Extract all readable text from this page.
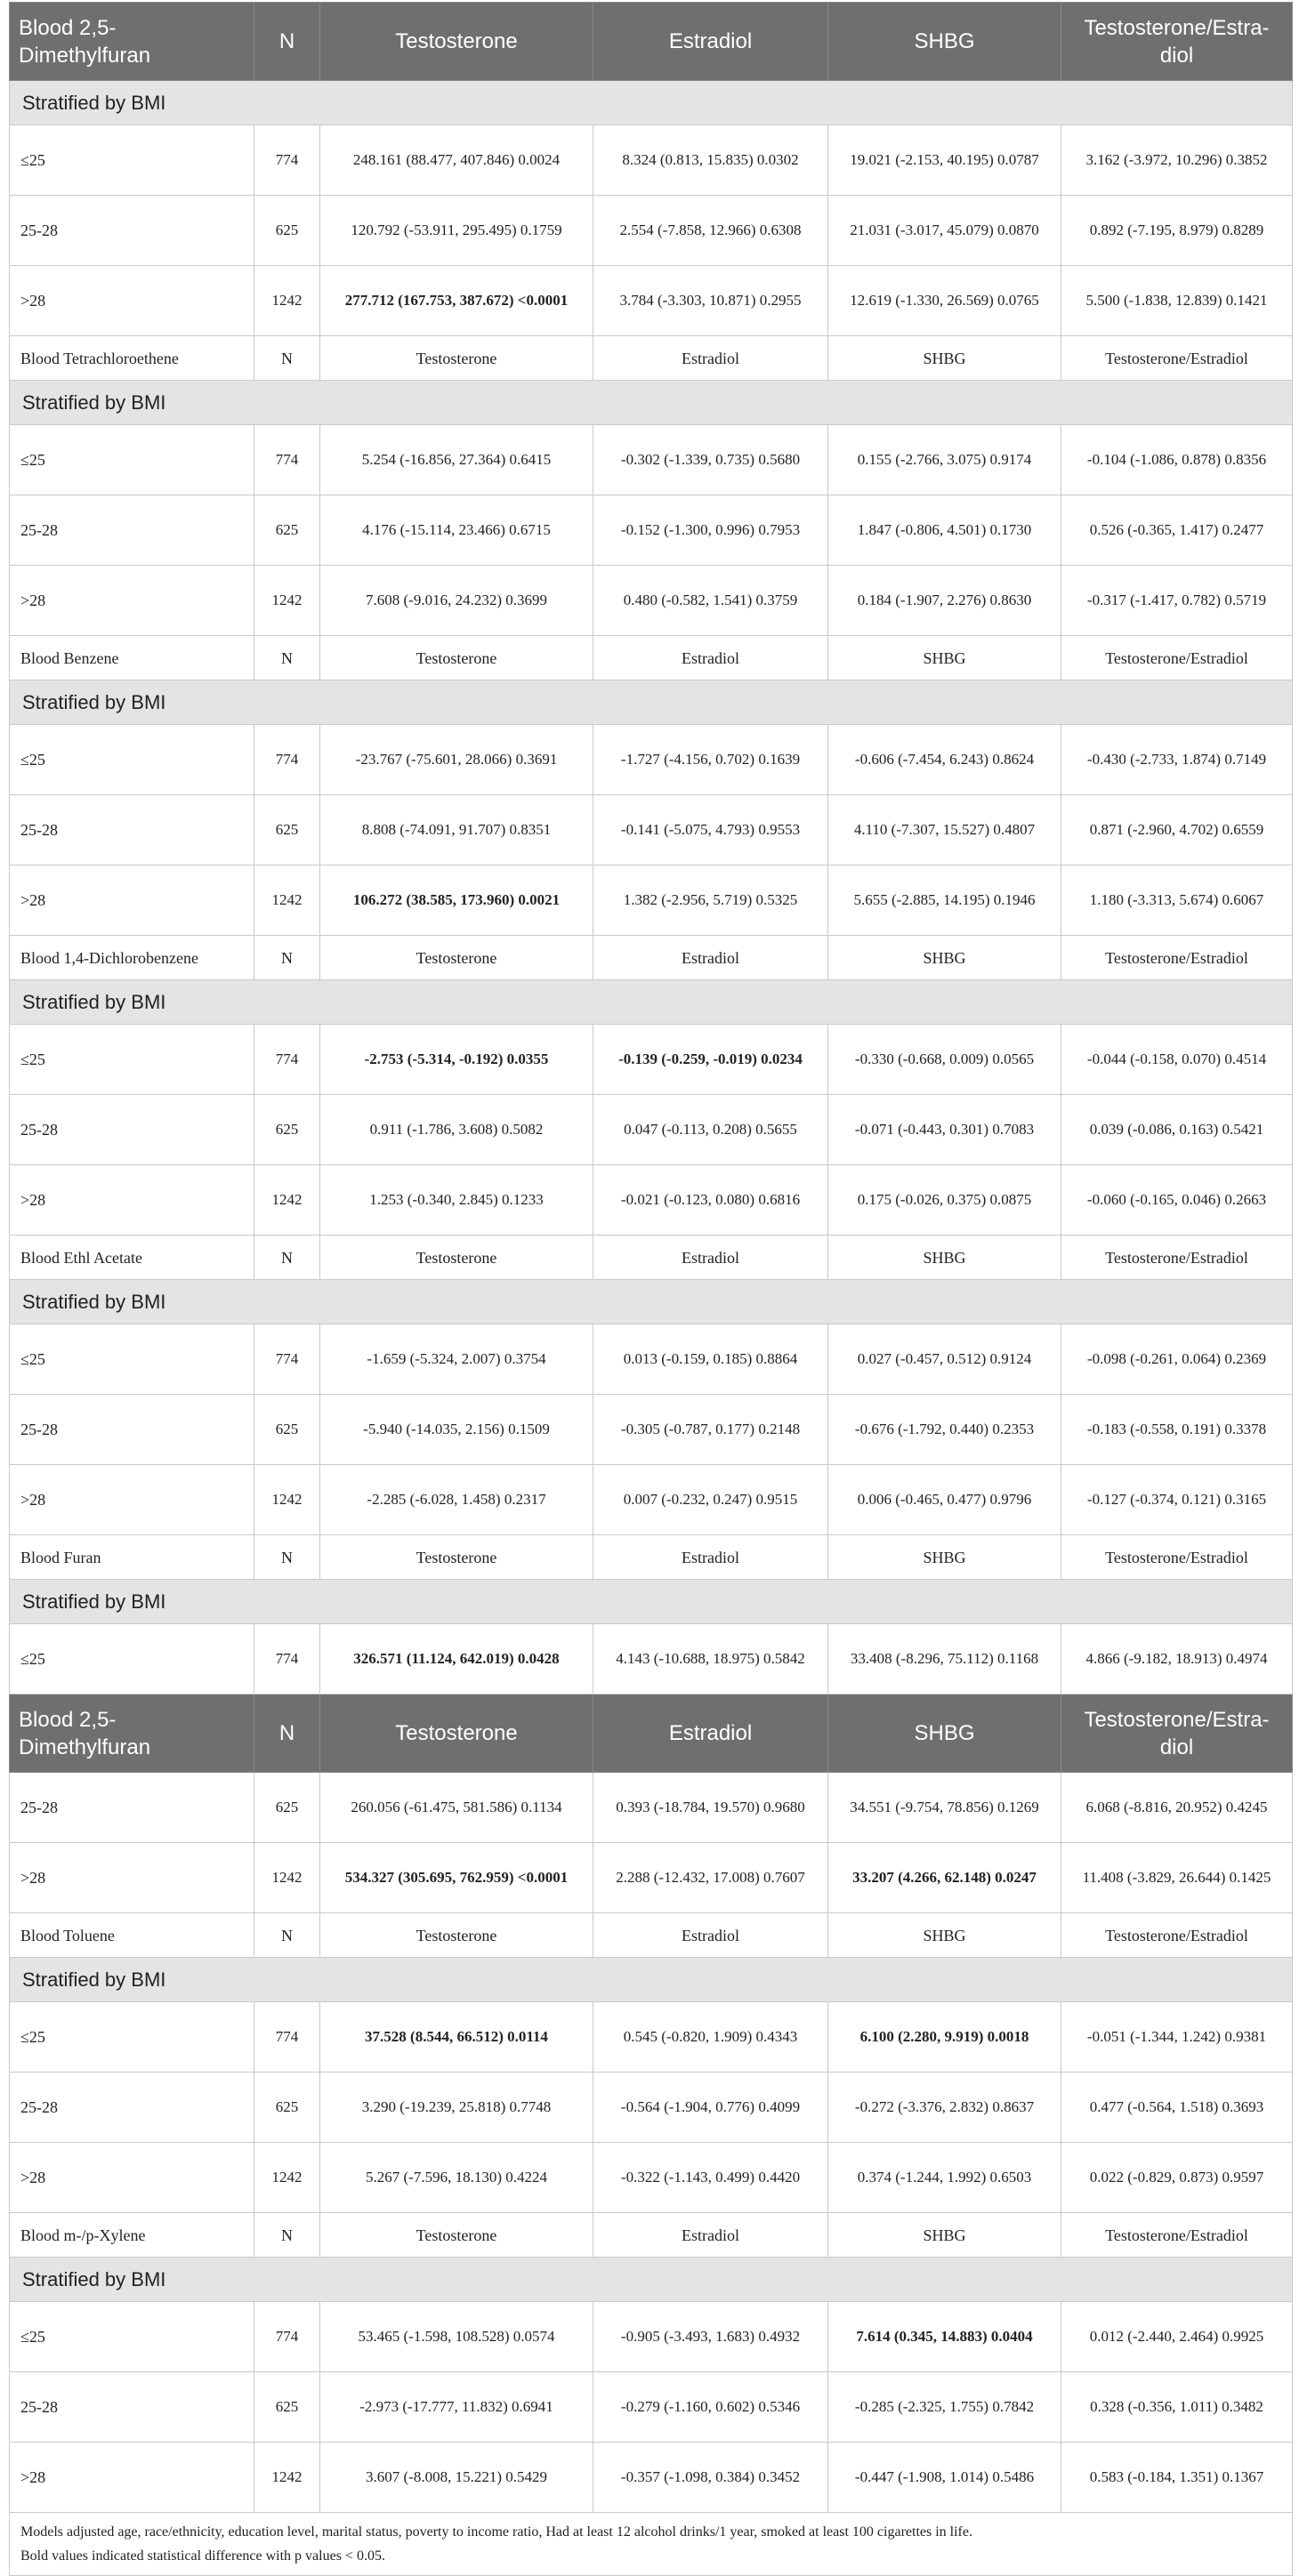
Blood 2,5-Dimethylfuran	N	Testosterone	Estradiol	SHBG	Testosterone/Estra-diol
Stratified by BMI					
≤25	774	248.161 (88.477, 407.846) 0.0024	8.324 (0.813, 15.835) 0.0302	19.021 (-2.153, 40.195) 0.0787	3.162 (-3.972, 10.296) 0.3852
25-28	625	120.792 (-53.911, 295.495) 0.1759	2.554 (-7.858, 12.966) 0.6308	21.031 (-3.017, 45.079) 0.0870	0.892 (-7.195, 8.979) 0.8289
>28	1242	277.712 (167.753, 387.672) <0.0001	3.784 (-3.303, 10.871) 0.2955	12.619 (-1.330, 26.569) 0.0765	5.500 (-1.838, 12.839) 0.1421
Blood Tetrachloroethene	N	Testosterone	Estradiol	SHBG	Testosterone/Estradiol
Stratified by BMI					
≤25	774	5.254 (-16.856, 27.364) 0.6415	-0.302 (-1.339, 0.735) 0.5680	0.155 (-2.766, 3.075) 0.9174	-0.104 (-1.086, 0.878) 0.8356
25-28	625	4.176 (-15.114, 23.466) 0.6715	-0.152 (-1.300, 0.996) 0.7953	1.847 (-0.806, 4.501) 0.1730	0.526 (-0.365, 1.417) 0.2477
>28	1242	7.608 (-9.016, 24.232) 0.3699	0.480 (-0.582, 1.541) 0.3759	0.184 (-1.907, 2.276) 0.8630	-0.317 (-1.417, 0.782) 0.5719
Blood Benzene	N	Testosterone	Estradiol	SHBG	Testosterone/Estradiol
Stratified by BMI					
≤25	774	-23.767 (-75.601, 28.066) 0.3691	-1.727 (-4.156, 0.702) 0.1639	-0.606 (-7.454, 6.243) 0.8624	-0.430 (-2.733, 1.874) 0.7149
25-28	625	8.808 (-74.091, 91.707) 0.8351	-0.141 (-5.075, 4.793) 0.9553	4.110 (-7.307, 15.527) 0.4807	0.871 (-2.960, 4.702) 0.6559
>28	1242	106.272 (38.585, 173.960) 0.0021	1.382 (-2.956, 5.719) 0.5325	5.655 (-2.885, 14.195) 0.1946	1.180 (-3.313, 5.674) 0.6067
Blood 1,4-Dichlorobenzene	N	Testosterone	Estradiol	SHBG	Testosterone/Estradiol
Stratified by BMI					
≤25	774	-2.753 (-5.314, -0.192) 0.0355	-0.139 (-0.259, -0.019) 0.0234	-0.330 (-0.668, 0.009) 0.0565	-0.044 (-0.158, 0.070) 0.4514
25-28	625	0.911 (-1.786, 3.608) 0.5082	0.047 (-0.113, 0.208) 0.5655	-0.071 (-0.443, 0.301) 0.7083	0.039 (-0.086, 0.163) 0.5421
>28	1242	1.253 (-0.340, 2.845) 0.1233	-0.021 (-0.123, 0.080) 0.6816	0.175 (-0.026, 0.375) 0.0875	-0.060 (-0.165, 0.046) 0.2663
Blood Ethl Acetate	N	Testosterone	Estradiol	SHBG	Testosterone/Estradiol
Stratified by BMI					
≤25	774	-1.659 (-5.324, 2.007) 0.3754	0.013 (-0.159, 0.185) 0.8864	0.027 (-0.457, 0.512) 0.9124	-0.098 (-0.261, 0.064) 0.2369
25-28	625	-5.940 (-14.035, 2.156) 0.1509	-0.305 (-0.787, 0.177) 0.2148	-0.676 (-1.792, 0.440) 0.2353	-0.183 (-0.558, 0.191) 0.3378
>28	1242	-2.285 (-6.028, 1.458) 0.2317	0.007 (-0.232, 0.247) 0.9515	0.006 (-0.465, 0.477) 0.9796	-0.127 (-0.374, 0.121) 0.3165
Blood Furan	N	Testosterone	Estradiol	SHBG	Testosterone/Estradiol
Stratified by BMI					
≤25	774	326.571 (11.124, 642.019) 0.0428	4.143 (-10.688, 18.975) 0.5842	33.408 (-8.296, 75.112) 0.1168	4.866 (-9.182, 18.913) 0.4974
Blood 2,5-Dimethylfuran	N	Testosterone	Estradiol	SHBG	Testosterone/Estra-diol
25-28	625	260.056 (-61.475, 581.586) 0.1134	0.393 (-18.784, 19.570) 0.9680	34.551 (-9.754, 78.856) 0.1269	6.068 (-8.816, 20.952) 0.4245
>28	1242	534.327 (305.695, 762.959) <0.0001	2.288 (-12.432, 17.008) 0.7607	33.207 (4.266, 62.148) 0.0247	11.408 (-3.829, 26.644) 0.1425
Blood Toluene	N	Testosterone	Estradiol	SHBG	Testosterone/Estradiol
Stratified by BMI					
≤25	774	37.528 (8.544, 66.512) 0.0114	0.545 (-0.820, 1.909) 0.4343	6.100 (2.280, 9.919) 0.0018	-0.051 (-1.344, 1.242) 0.9381
25-28	625	3.290 (-19.239, 25.818) 0.7748	-0.564 (-1.904, 0.776) 0.4099	-0.272 (-3.376, 2.832) 0.8637	0.477 (-0.564, 1.518) 0.3693
>28	1242	5.267 (-7.596, 18.130) 0.4224	-0.322 (-1.143, 0.499) 0.4420	0.374 (-1.244, 1.992) 0.6503	0.022 (-0.829, 0.873) 0.9597
Blood m-/p-Xylene	N	Testosterone	Estradiol	SHBG	Testosterone/Estradiol
Stratified by BMI					
≤25	774	53.465 (-1.598, 108.528) 0.0574	-0.905 (-3.493, 1.683) 0.4932	7.614 (0.345, 14.883) 0.0404	0.012 (-2.440, 2.464) 0.9925
25-28	625	-2.973 (-17.777, 11.832) 0.6941	-0.279 (-1.160, 0.602) 0.5346	-0.285 (-2.325, 1.755) 0.7842	0.328 (-0.356, 1.011) 0.3482
>28	1242	3.607 (-8.008, 15.221) 0.5429	-0.357 (-1.098, 0.384) 0.3452	-0.447 (-1.908, 1.014) 0.5486	0.583 (-0.184, 1.351) 0.1367

Models adjusted age, race/ethnicity, education level, marital status, poverty to income ratio, Had at least 12 alcohol drinks/1 year, smoked at least 100 cigarettes in life.
Bold values indicated statistical difference with p values < 0.05.					
